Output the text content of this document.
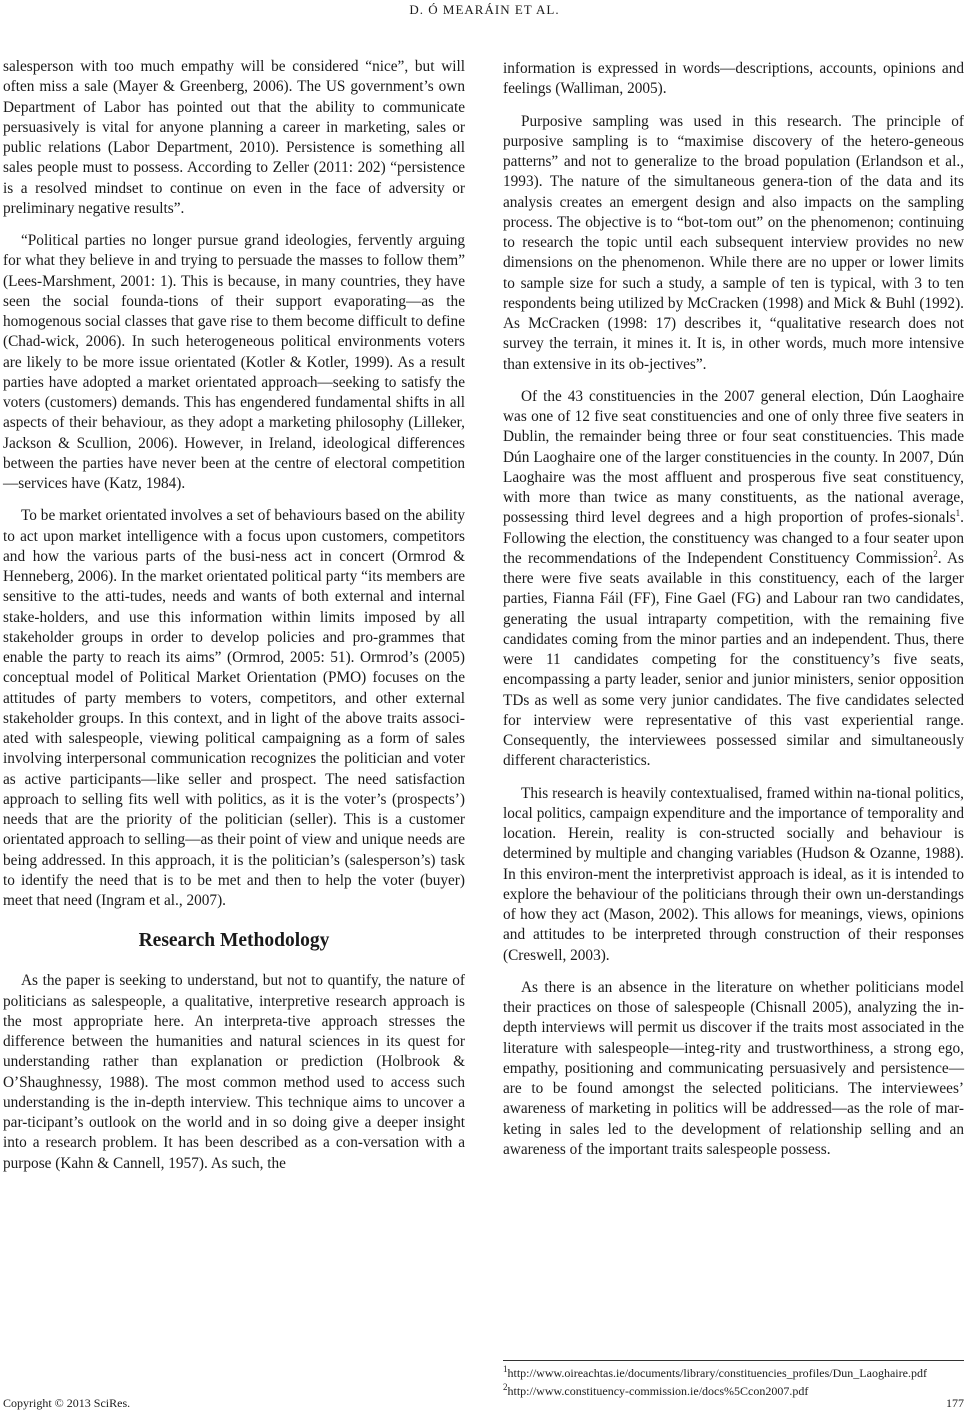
D. Ó MEARÁIN ET AL.

salesperson with too much empathy will be considered “nice”, but will often miss a sale (Mayer & Greenberg, 2006). The US government’s own Department of Labor has pointed out that the ability to communicate persuasively is vital for anyone planning a career in marketing, sales or public relations (Labor Department, 2010). Persistence is something all sales people must to possess. According to Zeller (2011: 202) “persistence is a resolved mindset to continue on even in the face of adversity or preliminary negative results”.

“Political parties no longer pursue grand ideologies, fervently arguing for what they believe in and trying to persuade the masses to follow them” (Lees-Marshment, 2001: 1). This is because, in many countries, they have seen the social founda-tions of their support evaporating—as the homogenous social classes that gave rise to them become difficult to define (Chad-wick, 2006). In such heterogeneous political environments voters are likely to be more issue orientated (Kotler & Kotler, 1999). As a result parties have adopted a market orientated approach—seeking to satisfy the voters (customers) demands. This has engendered fundamental shifts in all aspects of their behaviour, as they adopt a marketing philosophy (Lilleker, Jackson & Scullion, 2006). However, in Ireland, ideological differences between the parties have never been at the centre of electoral competition—services have (Katz, 1984).

To be market orientated involves a set of behaviours based on the ability to act upon market intelligence with a focus upon customers, competitors and how the various parts of the busi-ness act in concert (Ormrod & Henneberg, 2006). In the market orientated political party “its members are sensitive to the atti-tudes, needs and wants of both external and internal stake-holders, and use this information within limits imposed by all stakeholder groups in order to develop policies and pro-grammes that enable the party to reach its aims” (Ormrod, 2005: 51). Ormrod’s (2005) conceptual model of Political Market Orientation (PMO) focuses on the attitudes of party members to voters, competitors, and other external stakeholder groups. In this context, and in light of the above traits associ-ated with salespeople, viewing political campaigning as a form of sales involving interpersonal communication recognizes the politician and voter as active participants—like seller and prospect. The need satisfaction approach to selling fits well with politics, as it is the voter’s (prospects’) needs that are the priority of the politician (seller). This is a customer orientated approach to selling—as their point of view and unique needs are being addressed. In this approach, it is the politician’s (salesperson’s) task to identify the need that is to be met and then to help the voter (buyer) meet that need (Ingram et al., 2007).

Research Methodology

As the paper is seeking to understand, but not to quantify, the nature of politicians as salespeople, a qualitative, interpretive research approach is the most appropriate here. An interpreta-tive approach stresses the difference between the humanities and natural sciences in its quest for understanding rather than explanation or prediction (Holbrook & O’Shaughnessy, 1988). The most common method used to access such understanding is the in-depth interview. This technique aims to uncover a par-ticipant’s outlook on the world and in so doing give a deeper insight into a research problem. It has been described as a con-versation with a purpose (Kahn & Cannell, 1957). As such, the

information is expressed in words—descriptions, accounts, opinions and feelings (Walliman, 2005).

Purposive sampling was used in this research. The principle of purposive sampling is to “maximise discovery of the hetero-geneous patterns” and not to generalize to the broad population (Erlandson et al., 1993). The nature of the simultaneous genera-tion of the data and its analysis creates an emergent design and also impacts on the sampling process. The objective is to “bot-tom out” on the phenomenon; continuing to research the topic until each subsequent interview provides no new dimensions on the phenomenon. While there are no upper or lower limits to sample size for such a study, a sample of ten is typical, with 3 to ten respondents being utilized by McCracken (1998) and Mick & Buhl (1992). As McCracken (1998: 17) describes it, “qualitative research does not survey the terrain, it mines it. It is, in other words, much more intensive than extensive in its ob-jectives”.

Of the 43 constituencies in the 2007 general election, Dún Laoghaire was one of 12 five seat constituencies and one of only three five seaters in Dublin, the remainder being three or four seat constituencies. This made Dún Laoghaire one of the larger constituencies in the county. In 2007, Dún Laoghaire was the most affluent and prosperous five seat constituency, with more than twice as many constituents, as the national average, possessing third level degrees and a high proportion of profes-sionals$^1$. Following the election, the constituency was changed to a four seater upon the recommendations of the Independent Constituency Commission$^2$. As there were five seats available in this constituency, each of the larger parties, Fianna Fáil (FF), Fine Gael (FG) and Labour ran two candidates, generating the usual intraparty competition, with the remaining five candidates coming from the minor parties and an independent. Thus, there were 11 candidates competing for the constituency’s five seats, encompassing a party leader, senior and junior ministers, senior opposition TDs as well as some very junior candidates. The five candidates selected for interview were representative of this vast experiential range. Consequently, the interviewees possessed similar and simultaneously different characteristics.

This research is heavily contextualised, framed within na-tional politics, local politics, campaign expenditure and the importance of temporality and location. Herein, reality is con-structed socially and behaviour is determined by multiple and changing variables (Hudson & Ozanne, 1988). In this environ-ment the interpretivist approach is ideal, as it is intended to explore the behaviour of the politicians through their own un-derstandings of how they act (Mason, 2002). This allows for meanings, views, opinions and attitudes to be interpreted through construction of their responses (Creswell, 2003).

As there is an absence in the literature on whether politicians model their practices on those of salespeople (Chisnall 2005), analyzing the in-depth interviews will permit us discover if the traits most associated in the literature with salespeople—integ-rity and trustworthiness, a strong ego, empathy, positioning and communicating persuasively and persistence—are to be found amongst the selected politicians. The interviewees’ awareness of marketing in politics will be addressed—as the role of mar-keting in sales led to the development of relationship selling and an awareness of the important traits salespeople possess.

$^1$http://www.oireachtas.ie/documents/library/constituencies_profiles/Dun_Laoghaire.pdf
$^2$http://www.constituency-commission.ie/docs%5Ccon2007.pdf
Copyright © 2013 SciRes.	177
